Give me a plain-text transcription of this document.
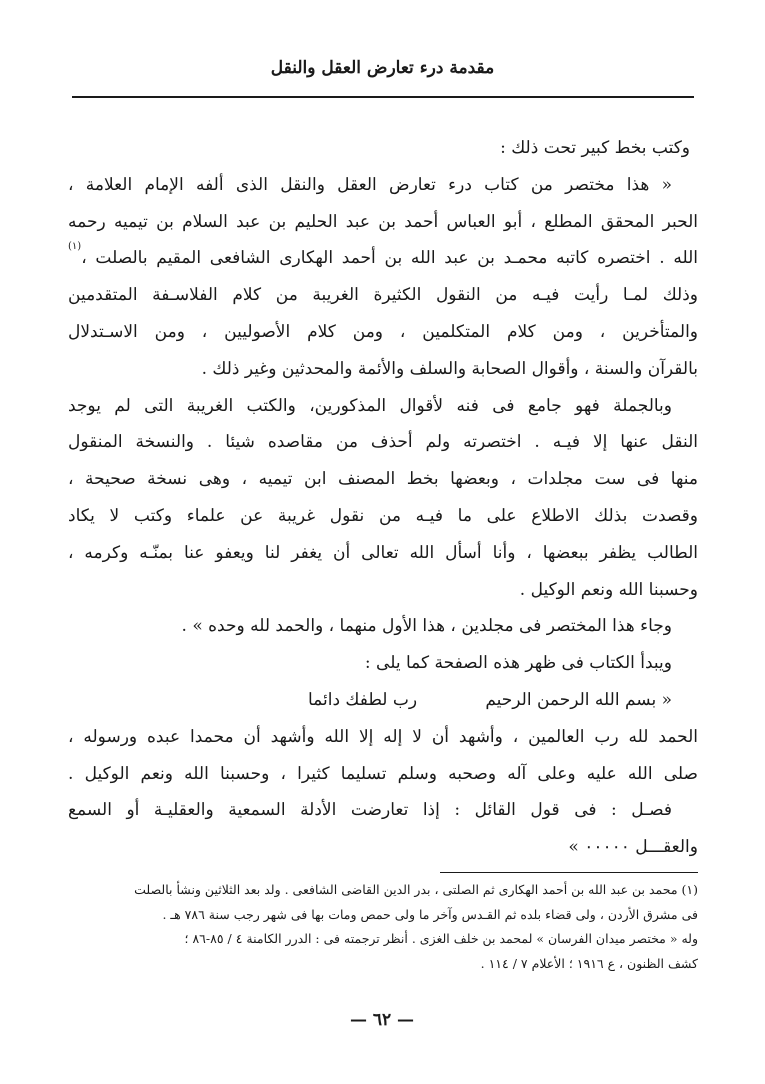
مقدمة درء تعارض العقل والنقل
وكتب بخط كبير تحت ذلك :
« هذا مختصر من كتاب درء تعارض العقل والنقل الذى ألفه الإمام العلامة ،
الحبر المحقق المطلع ، أبو العباس أحمد بن عبد الحليم بن عبد السلام بن تيميه رحمه
الله . اختصره كاتبه محمـد بن عبد الله بن أحمد الهكارى الشافعى المقيم بالصلت ،$^{(١)}$
وذلك لمـا رأيت فيـه من النقول الكثيرة الغريبة من كلام الفلاسـفة المتقدمين
والمتأخرين ، ومن كلام المتكلمين ، ومن كلام الأصوليين ، ومن الاسـتدلال
بالقرآن والسنة ، وأقوال الصحابة والسلف والأئمة والمحدثين وغير ذلك .
وبالجملة فهو جامع فى فنه لأقوال المذكورين، والكتب الغريبة التى لم يوجد
النقل عنها إلا فيـه . اختصرته ولم أحذف من مقاصده شيئا . والنسخة المنقول
منها فى ست مجلدات ، وبعضها بخط المصنف ابن تيميه ، وهى نسخة صحيحة ،
وقصدت بذلك الاطلاع على ما فيـه من نقول غريبة عن علماء وكتب لا يكاد
الطالب يظفر ببعضها ، وأنا أسأل الله تعالى أن يغفر لنا ويعفو عنا بمنّـه وكرمه ،
وحسبنا الله ونعم الوكيل .
وجاء هذا المختصر فى مجلدين ، هذا الأول منهما ، والحمد لله وحده » .
ويبدأ الكتاب فى ظهر هذه الصفحة كما يلى :
« بسم الله الرحمن الرحيم
رب لطفك دائما
الحمد لله رب العالمين ، وأشهد أن لا إله إلا الله وأشهد أن محمدا عبده ورسوله ،
صلى الله عليه وعلى آله وصحبه وسلم تسليما كثيرا ، وحسبنا الله ونعم الوكيل .
فصـل : فى قول القائل : إذا تعارضت الأدلة السمعية والعقليـة أو السمع
والعقـــل ٠٠٠٠٠ »
(١) محمد بن عبد الله بن أحمد الهكارى ثم الصلتى ، بدر الدين القاضى الشافعى . ولد بعد الثلاثين ونشأ بالصلت
فى مشرق الأردن ، ولى قضاء بلده ثم القـدس وآخر ما ولى حمص ومات بها فى شهر رجب سنة ٧٨٦ هـ .
وله « مختصر ميدان الفرسان » لمحمد بن خلف الغزى . أنظر ترجمته فى : الدرر الكامنة ٤ / ٨٥-٨٦ ؛
كشف الظنون ، ع ١٩١٦ ؛ الأعلام ٧ / ١١٤ .
— ٦٢ —
